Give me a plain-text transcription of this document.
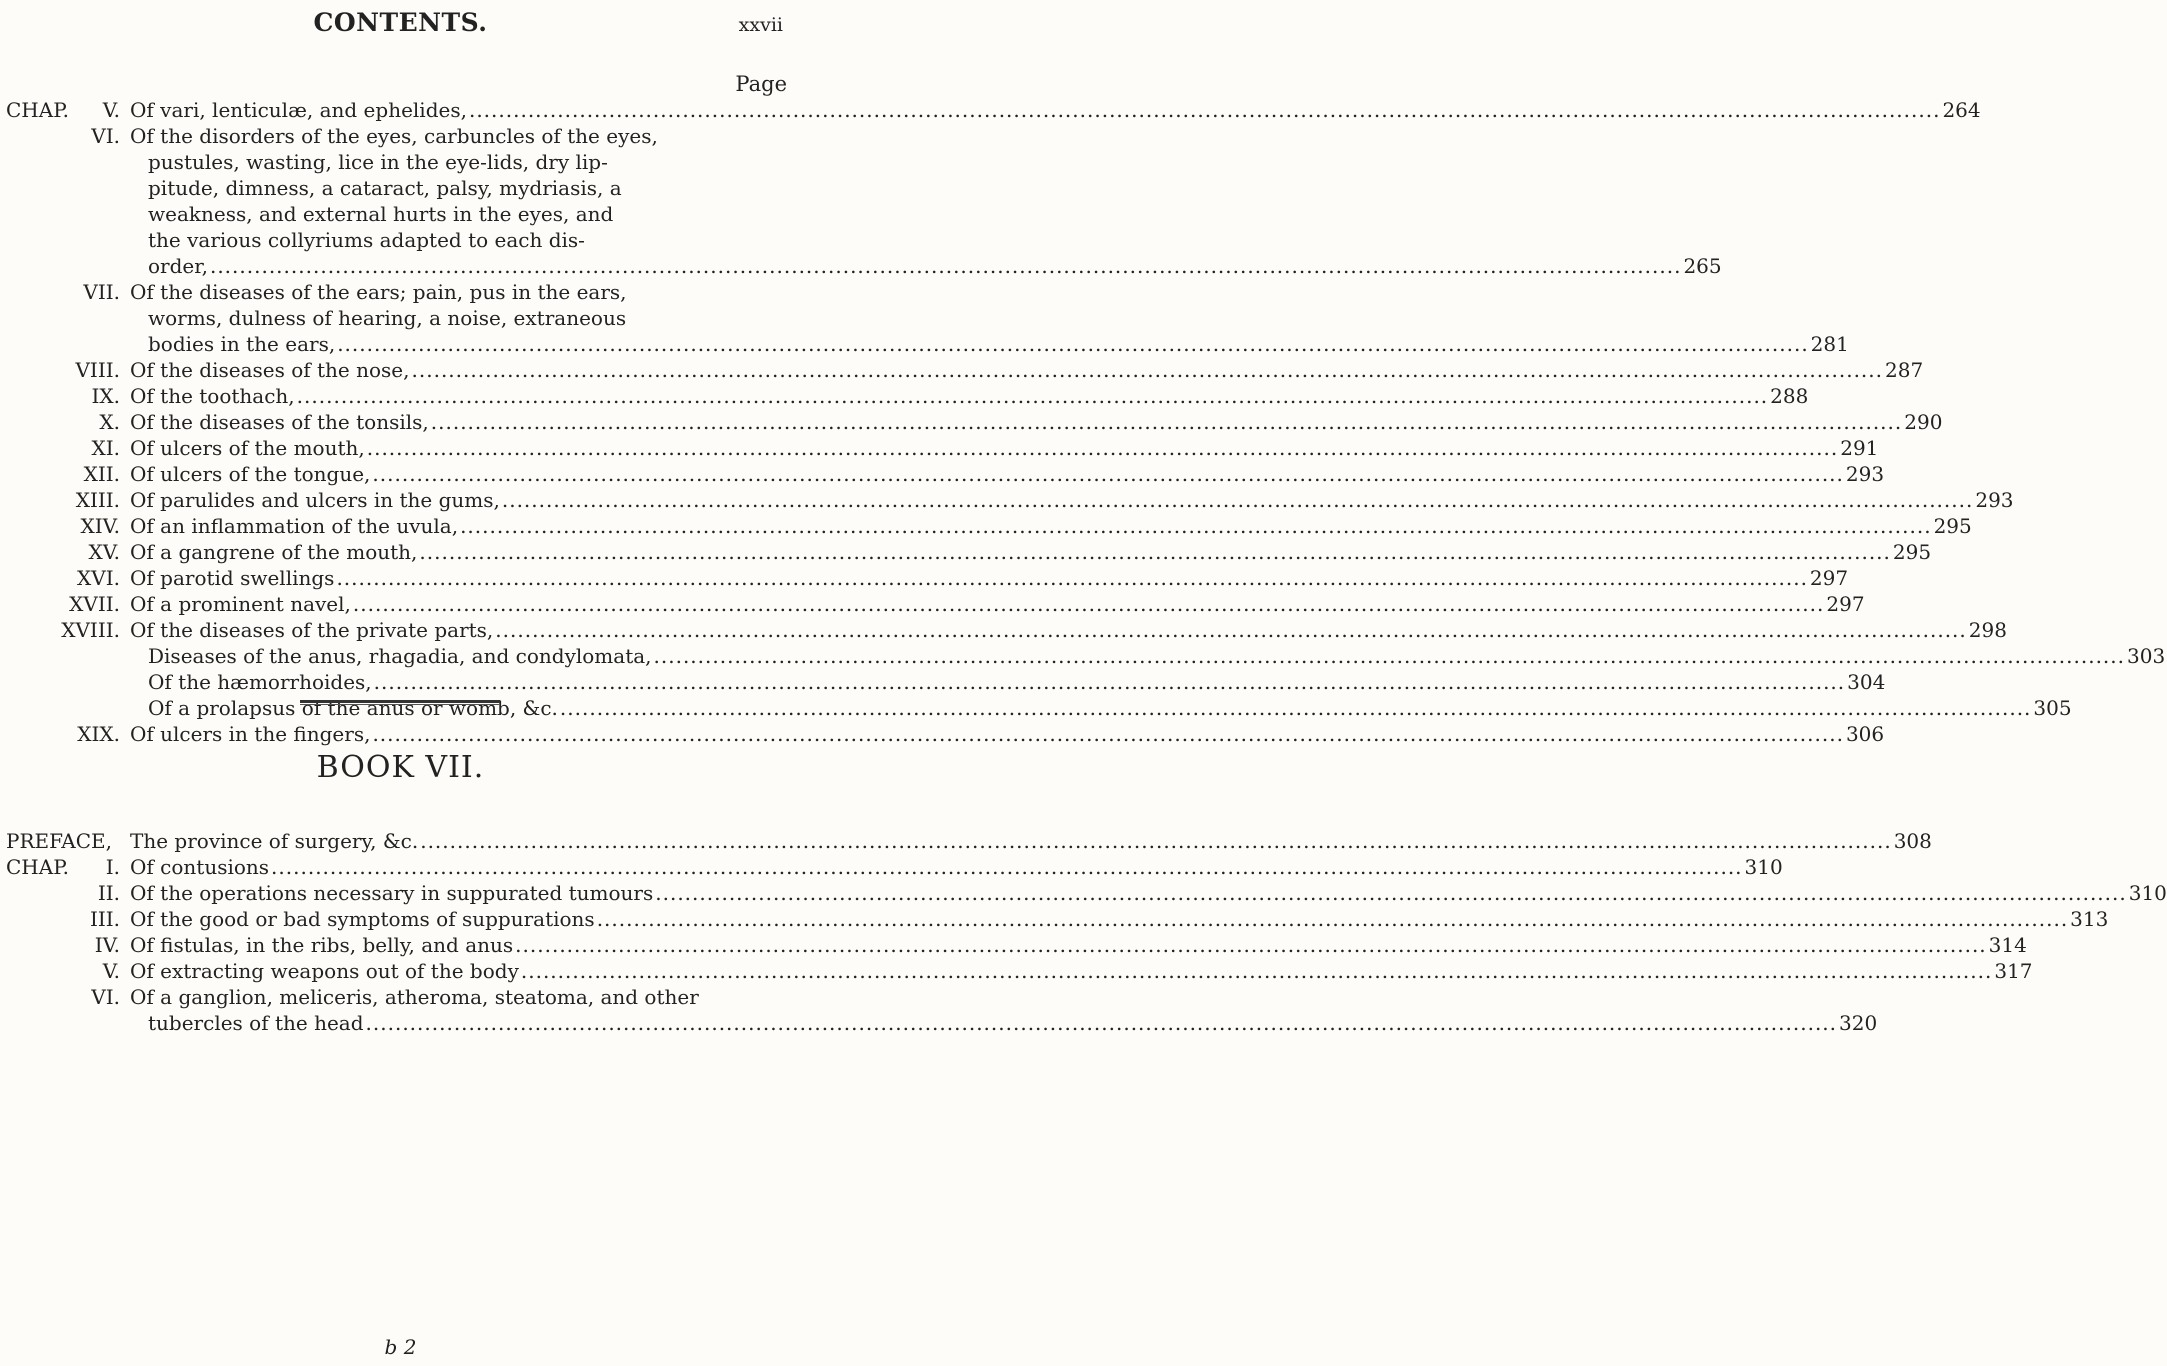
CONTENTS.	xxvii
Page
CHAP. V. Of vari, lenticulæ, and ephelides, ........................................................................................................................................................................................................ 264
VI. Of the disorders of the eyes, carbuncles of the eyes,
pustules, wasting, lice in the eye-lids, dry lip-
pitude, dimness, a cataract, palsy, mydriasis, a
weakness, and external hurts in the eyes, and
the various collyriums adapted to each dis-
order, ........................................................................................................................................................................................................ 265
VII. Of the diseases of the ears; pain, pus in the ears,
worms, dulness of hearing, a noise, extraneous
bodies in the ears, ........................................................................................................................................................................................................ 281
VIII. Of the diseases of the nose, ........................................................................................................................................................................................................ 287
IX. Of the toothach, ........................................................................................................................................................................................................ 288
X. Of the diseases of the tonsils, ........................................................................................................................................................................................................ 290
XI. Of ulcers of the mouth, ........................................................................................................................................................................................................ 291
XII. Of ulcers of the tongue, ........................................................................................................................................................................................................ 293
XIII. Of parulides and ulcers in the gums, ........................................................................................................................................................................................................ 293
XIV. Of an inflammation of the uvula, ........................................................................................................................................................................................................ 295
XV. Of a gangrene of the mouth, ........................................................................................................................................................................................................ 295
XVI. Of parotid swellings ........................................................................................................................................................................................................ 297
XVII. Of a prominent navel, ........................................................................................................................................................................................................ 297
XVIII. Of the diseases of the private parts, ........................................................................................................................................................................................................ 298
Diseases of the anus, rhagadia, and condylomata, ........................................................................................................................................................................................................ 303
Of the hæmorrhoides, ........................................................................................................................................................................................................ 304
Of a prolapsus of the anus or womb, &c. ........................................................................................................................................................................................................ 305
XIX. Of ulcers in the fingers, ........................................................................................................................................................................................................ 306
BOOK VII.
PREFACE, The province of surgery, &c. ........................................................................................................................................................................................................ 308
CHAP. I. Of contusions ........................................................................................................................................................................................................ 310
II. Of the operations necessary in suppurated tumours ........................................................................................................................................................................................................ 310
III. Of the good or bad symptoms of suppurations ........................................................................................................................................................................................................ 313
IV. Of fistulas, in the ribs, belly, and anus ........................................................................................................................................................................................................ 314
V. Of extracting weapons out of the body ........................................................................................................................................................................................................ 317
VI. Of a ganglion, meliceris, atheroma, steatoma, and other
tubercles of the head ........................................................................................................................................................................................................ 320
b 2
